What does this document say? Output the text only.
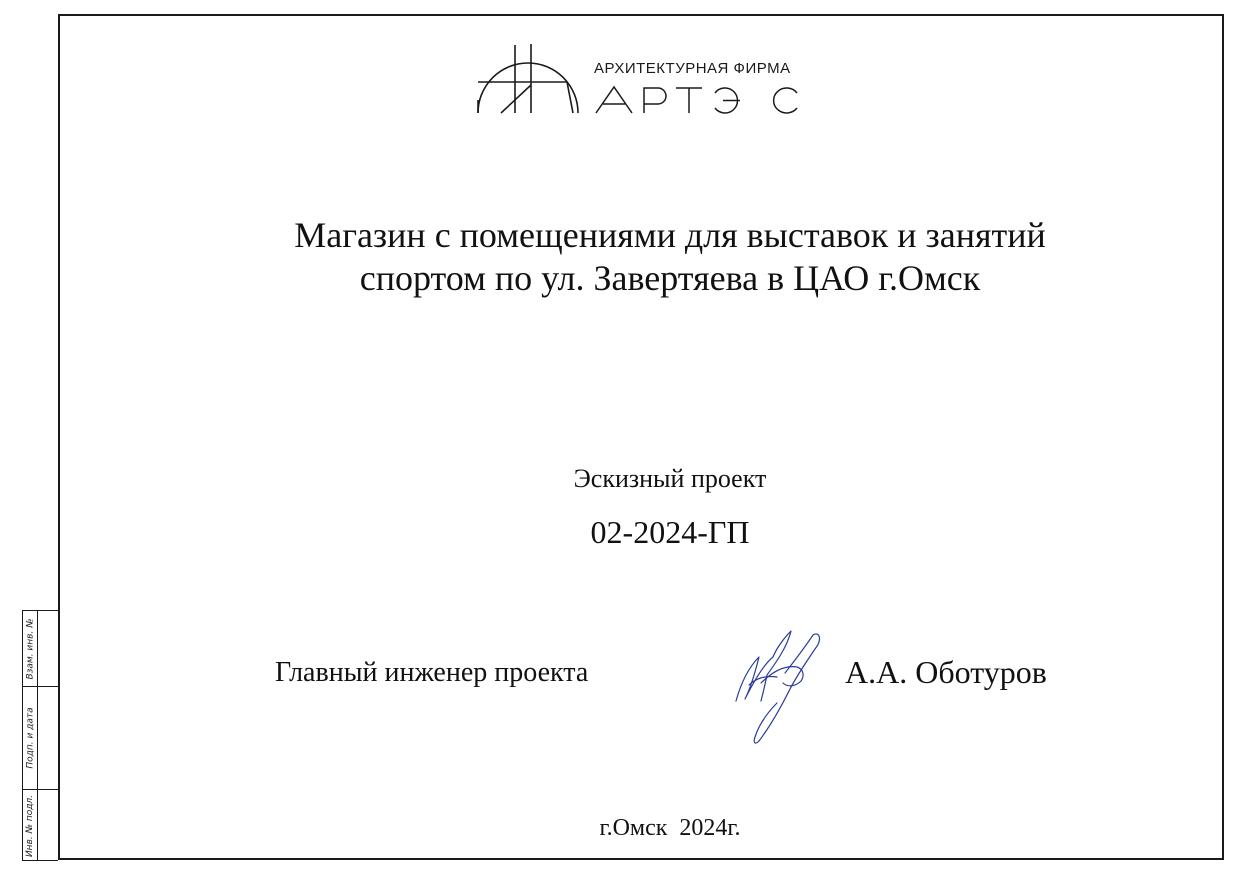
Взам. инв. №
Подп. и дата
Инв. № подл.
АРХИТЕКТУРНАЯ ФИРМА
Магазин с помещениями для выставок и занятий
спортом по ул. Завертяева в ЦАО г.Омск
Эскизный проект
02-2024-ГП
Главный инженер проекта	А.А. Оботуров
г.Омск  2024г.
